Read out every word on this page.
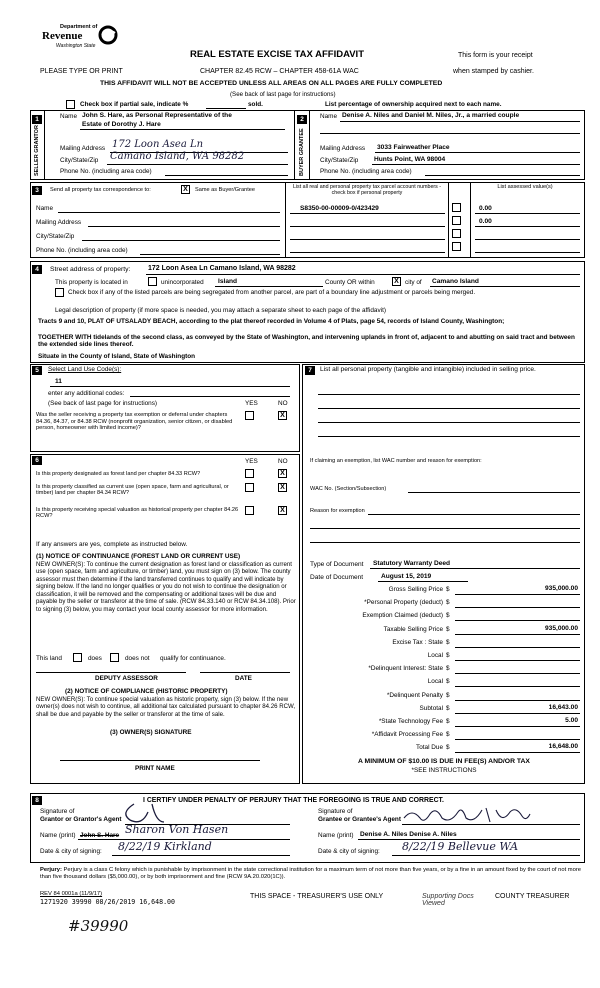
Department of
Revenue
Washington State
REAL ESTATE EXCISE TAX AFFIDAVIT	This form is your receipt
PLEASE TYPE OR PRINT	CHAPTER 82.45 RCW – CHAPTER 458-61A WAC	when stamped by cashier.
THIS AFFIDAVIT WILL NOT BE ACCEPTED UNLESS ALL AREAS ON ALL PAGES ARE FULLY COMPLETED
(See back of last page for instructions)
Check box if partial sale, indicate %	sold.	List percentage of ownership acquired next to each name.
1
SELLER GRANTOR
Name John S. Hare, as Personal Representative of the
Estate of Dorothy J. Hare
Mailing Address 172 Loon Asea Ln
City/State/Zip Camano Island, WA 98282
Phone No. (including area code)
2
BUYER GRANTEE
Name Denise A. Niles and Daniel M. Niles, Jr., a married couple
Mailing Address 3033 Fairweather Place
City/State/Zip Hunts Point, WA 98004
Phone No. (including area code)
3	Send all property tax correspondence to:	X	Same as Buyer/Grantee
Name
Mailing Address
City/State/Zip
Phone No. (including area code)
List all real and personal property tax parcel account numbers - check box if personal property
List assessed value(s)
S8350-00-00009-0/423429	0.00
0.00
4	Street address of property:	172 Loon Asea Ln Camano Island, WA 98282
This property is located in	unincorporated Island	County OR within	X city of Camano Island
Check box if any of the listed parcels are being segregated from another parcel, are part of a boundary line adjustment or parcels being merged.
Legal description of property (if more space is needed, you may attach a separate sheet to each page of the affidavit)
Tracts 9 and 10, PLAT OF UTSALADY BEACH, according to the plat thereof recorded in Volume 4 of Plats, page 54, records of Island County, Washington;
TOGETHER WITH tidelands of the second class, as conveyed by the State of Washington, and intervening uplands in front of, adjacent to and abutting on said tract and between the extended side lines thereof.
Situate in the County of Island, State of Washington
5	Select Land Use Code(s):
11
enter any additional codes:
(See back of last page for instructions)	YES	NO
Was the seller receiving a property tax exemption or deferral under chapters 84.36, 84.37, or 84.38 RCW (nonprofit organization, senior citizen, or disabled person, homeowner with limited income)?
X
6	YES	NO
Is this property designated as forest land per chapter 84.33 RCW?	X
Is this property classified as current use (open space, farm and agricultural, or timber) land per chapter 84.34 RCW?
X
Is this property receiving special valuation as historical property per chapter 84.26 RCW?
X
If any answers are yes, complete as instructed below.
(1) NOTICE OF CONTINUANCE (FOREST LAND OR CURRENT USE)
NEW OWNER(S): To continue the current designation as forest land or classification as current use (open space, farm and agriculture, or timber) land, you must sign on (3) below. The county assessor must then determine if the land transferred continues to qualify and will indicate by signing below. If the land no longer qualifies or you do not wish to continue the designation or classification, it will be removed and the compensating or additional taxes will be due and payable by the seller or transferor at the time of sale. (RCW 84.33.140 or RCW 84.34.108). Prior to signing (3) below, you may contact your local county assessor for more information.
This land	does	does not qualify for continuance.
DEPUTY ASSESSOR	DATE
(2) NOTICE OF COMPLIANCE (HISTORIC PROPERTY)
NEW OWNER(S): To continue special valuation as historic property, sign (3) below. If the new owner(s) does not wish to continue, all additional tax calculated pursuant to chapter 84.26 RCW, shall be due and payable by the seller or transferor at the time of sale.
(3) OWNER(S) SIGNATURE
PRINT NAME
7	List all personal property (tangible and intangible) included in selling price.
If claiming an exemption, list WAC number and reason for exemption:
WAC No. (Section/Subsection)
Reason for exemption
Type of Document Statutory Warranty Deed
Date of Document	August 15, 2019
Gross Selling Price $	935,000.00
*Personal Property (deduct) $
Exemption Claimed (deduct) $
Taxable Selling Price $	935,000.00
Excise Tax : State $
Local $
*Delinquent Interest: State $
Local $
*Delinquent Penalty $
Subtotal $	16,643.00
*State Technology Fee $	5.00
*Affidavit Processing Fee $
Total Due $	16,648.00
A MINIMUM OF $10.00 IS DUE IN FEE(S) AND/OR TAX
*SEE INSTRUCTIONS
8	I CERTIFY UNDER PENALTY OF PERJURY THAT THE FOREGOING IS TRUE AND CORRECT.
Signature of
Grantor or Grantor's Agent
Signature of
Grantee or Grantee's Agent
Name (print) John S. Hare Sharon Von Hasen	Name (print) Denise A. Niles Denise A. Niles
Date & city of signing: 8/22/19 Kirkland	Date & city of signing: 8/22/19 Bellevue WA
Perjury: Perjury is a class C felony which is punishable by imprisonment in the state correctional institution for a maximum term of not more than five years, or by a fine in an amount fixed by the court of not more than five thousand dollars ($5,000.00), or by both imprisonment and fine (RCW 9A.20.020(1C)).
REV 84 0001a (11/9/17)
1271920 39990 08/26/2019 16,648.00
THIS SPACE - TREASURER'S USE ONLY	Supporting Docs Viewed
COUNTY TREASURER
#39990
